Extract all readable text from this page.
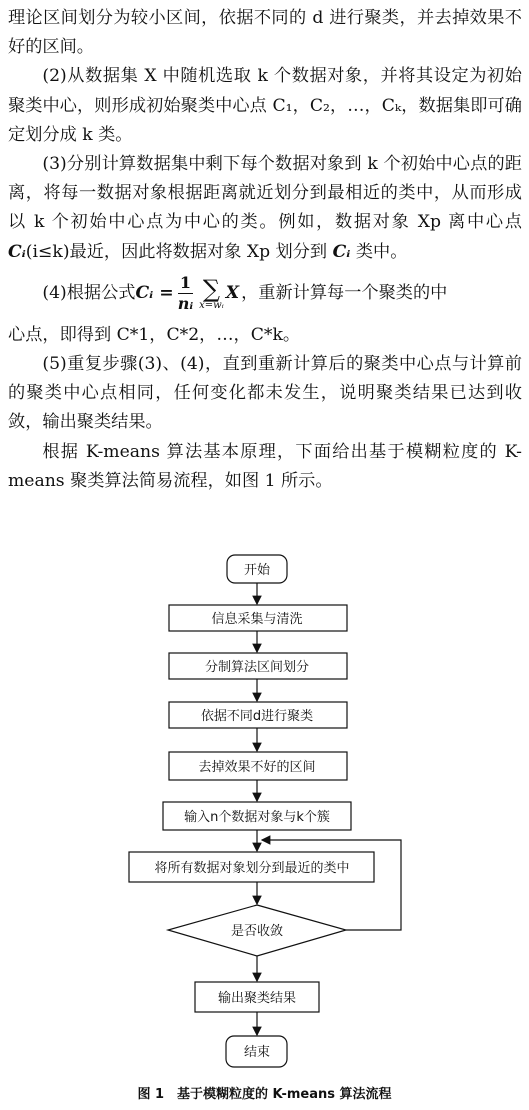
理论区间划分为较小区间，依据不同的 d 进行聚类，并去掉效果不好的区间。

(2)从数据集 X 中随机选取 k 个数据对象，并将其设定为初始聚类中心，则形成初始聚类中心点 C₁，C₂，…，Cₖ，数据集即可确定划分成 k 类。

(3)分别计算数据集中剩下每个数据对象到 k 个初始中心点的距离，将每一数据对象根据距离就近划分到最相近的类中，从而形成以 k 个初始中心点为中心的类。例如，数据对象 Xp 离中心点 Cᵢ(i≤k)最近，因此将数据对象 Xp 划分到 Cᵢ 类中。

(4)根据公式 Cᵢ = $\frac{1}{\text{nᵢ}}$ ∑
x=wᵢ
X ，重新计算每一个聚类的中

心点，即得到 C*1，C*2，…，C*k。

(5)重复步骤(3)、(4)，直到重新计算后的聚类中心点与计算前的聚类中心点相同，任何变化都未发生，说明聚类结果已达到收敛，输出聚类结果。

根据 K-means 算法基本原理，下面给出基于模糊粒度的 K-means 聚类算法简易流程，如图 1 所示。

开始
信息采集与清洗
分制算法区间划分
依据不同d进行聚类
去掉效果不好的区间
输入n个数据对象与k个簇
将所有数据对象划分到最近的类中
是否收敛
输出聚类结果
结束
图 1　基于模糊粒度的 K-means 算法流程
